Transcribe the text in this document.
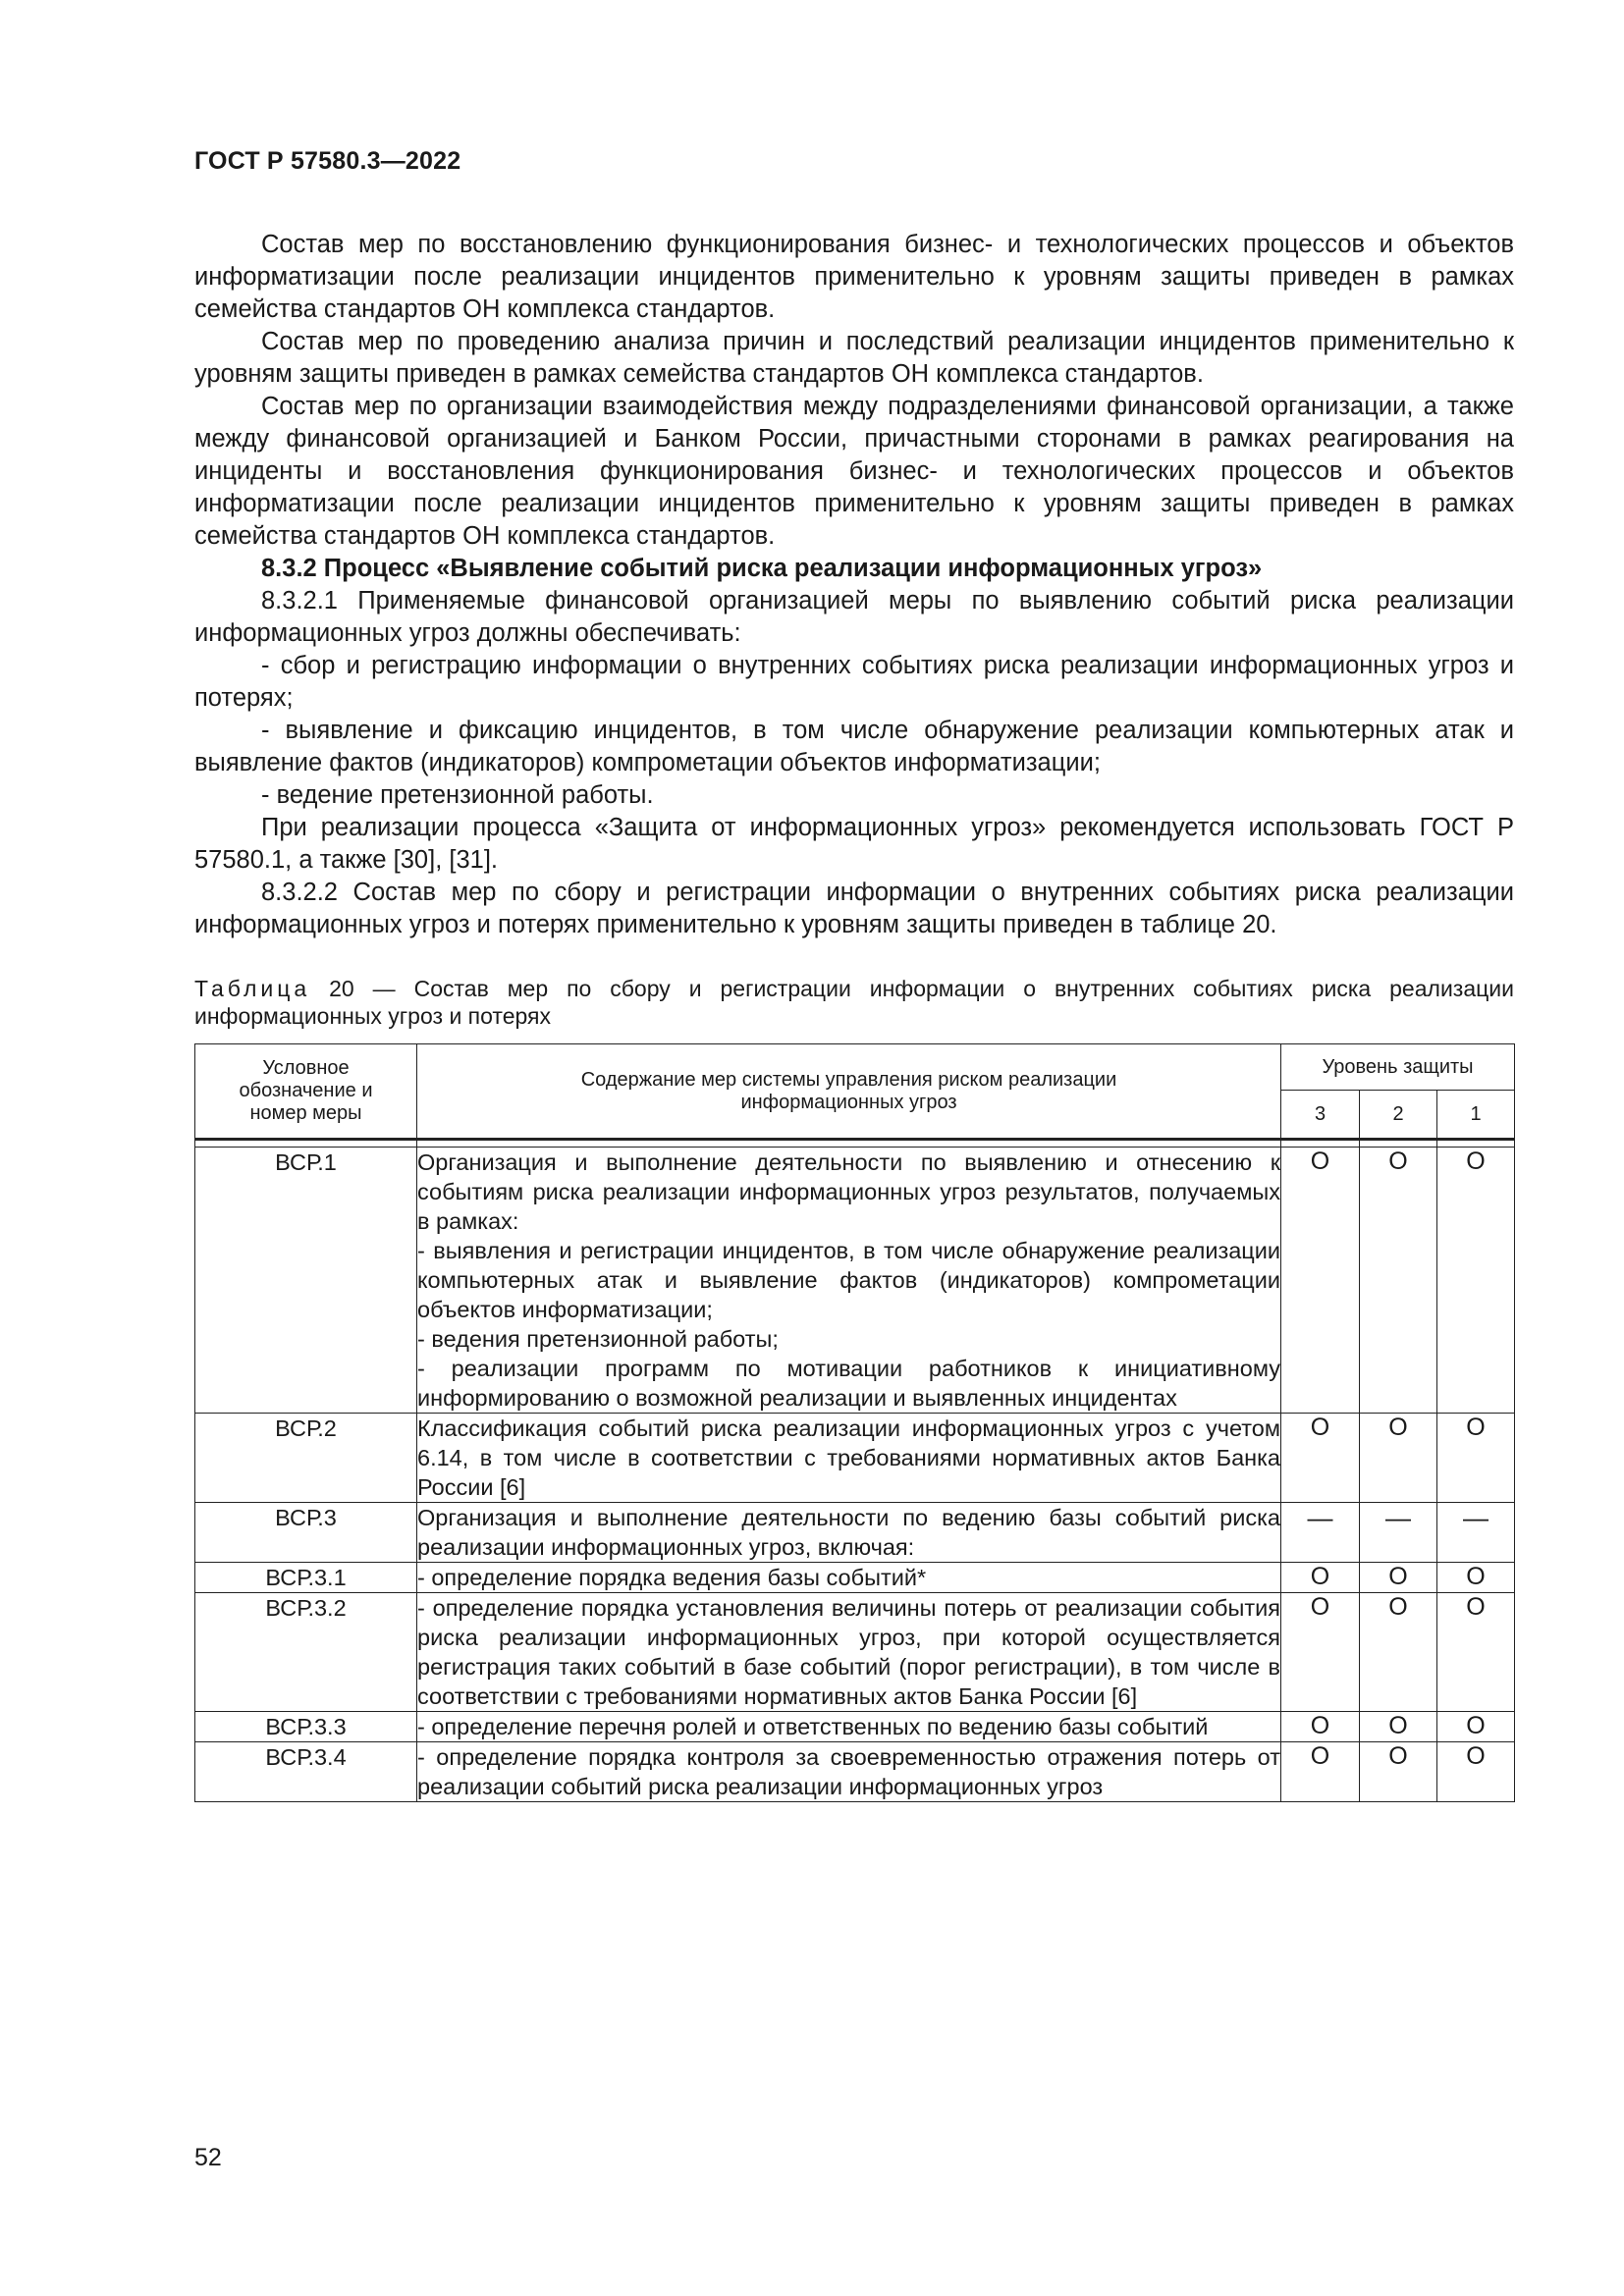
ГОСТ Р 57580.3—2022

Состав мер по восстановлению функционирования бизнес- и технологических процессов и объектов информатизации после реализации инцидентов применительно к уровням защиты приведен в рамках семейства стандартов ОН комплекса стандартов.

Состав мер по проведению анализа причин и последствий реализации инцидентов применительно к уровням защиты приведен в рамках семейства стандартов ОН комплекса стандартов.

Состав мер по организации взаимодействия между подразделениями финансовой организации, а также между финансовой организацией и Банком России, причастными сторонами в рамках реагирования на инциденты и восстановления функционирования бизнес- и технологических процессов и объектов информатизации после реализации инцидентов применительно к уровням защиты приведен в рамках семейства стандартов ОН комплекса стандартов.

8.3.2 Процесс «Выявление событий риска реализации информационных угроз»

8.3.2.1 Применяемые финансовой организацией меры по выявлению событий риска реализации информационных угроз должны обеспечивать:

- сбор и регистрацию информации о внутренних событиях риска реализации информационных угроз и потерях;

- выявление и фиксацию инцидентов, в том числе обнаружение реализации компьютерных атак и выявление фактов (индикаторов) компрометации объектов информатизации;

- ведение претензионной работы.

При реализации процесса «Защита от информационных угроз» рекомендуется использовать ГОСТ Р 57580.1, а также [30], [31].

8.3.2.2 Состав мер по сбору и регистрации информации о внутренних событиях риска реализации информационных угроз и потерях применительно к уровням защиты приведен в таблице 20.

Таблица 20 — Состав мер по сбору и регистрации информации о внутренних событиях риска реализации информационных угроз и потерях
Условное обозначение и номер меры	Содержание мер системы управления риском реализации информационных угроз	Уровень защиты		
		3	2	1

ВСР.1	Организация и выполнение деятельности по выявлению и отнесению к событиям риска реализации информационных угроз результатов, получаемых в рамках:
- выявления и регистрации инцидентов, в том числе обнаружение реализации компьютерных атак и выявление фактов (индикаторов) компрометации объектов информатизации;
- ведения претензионной работы;
- реализации программ по мотивации работников к инициативному информированию о возможной реализации и выявленных инцидентах	О	О	О
ВСР.2	Классификация событий риска реализации информационных угроз с учетом 6.14, в том числе в соответствии с требованиями нормативных актов Банка России [6]	О	О	О
ВСР.3	Организация и выполнение деятельности по ведению базы событий риска реализации информационных угроз, включая:	—	—	—
ВСР.3.1	- определение порядка ведения базы событий*	О	О	О
ВСР.3.2	- определение порядка установления величины потерь от реализации события риска реализации информационных угроз, при которой осуществляется регистрация таких событий в базе событий (порог регистрации), в том числе в соответствии с требованиями нормативных актов Банка России [6]	О	О	О
ВСР.3.3	- определение перечня ролей и ответственных по ведению базы событий	О	О	О
ВСР.3.4	- определение порядка контроля за своевременностью отражения потерь от реализации событий риска реализации информационных угроз	О	О	О
52
